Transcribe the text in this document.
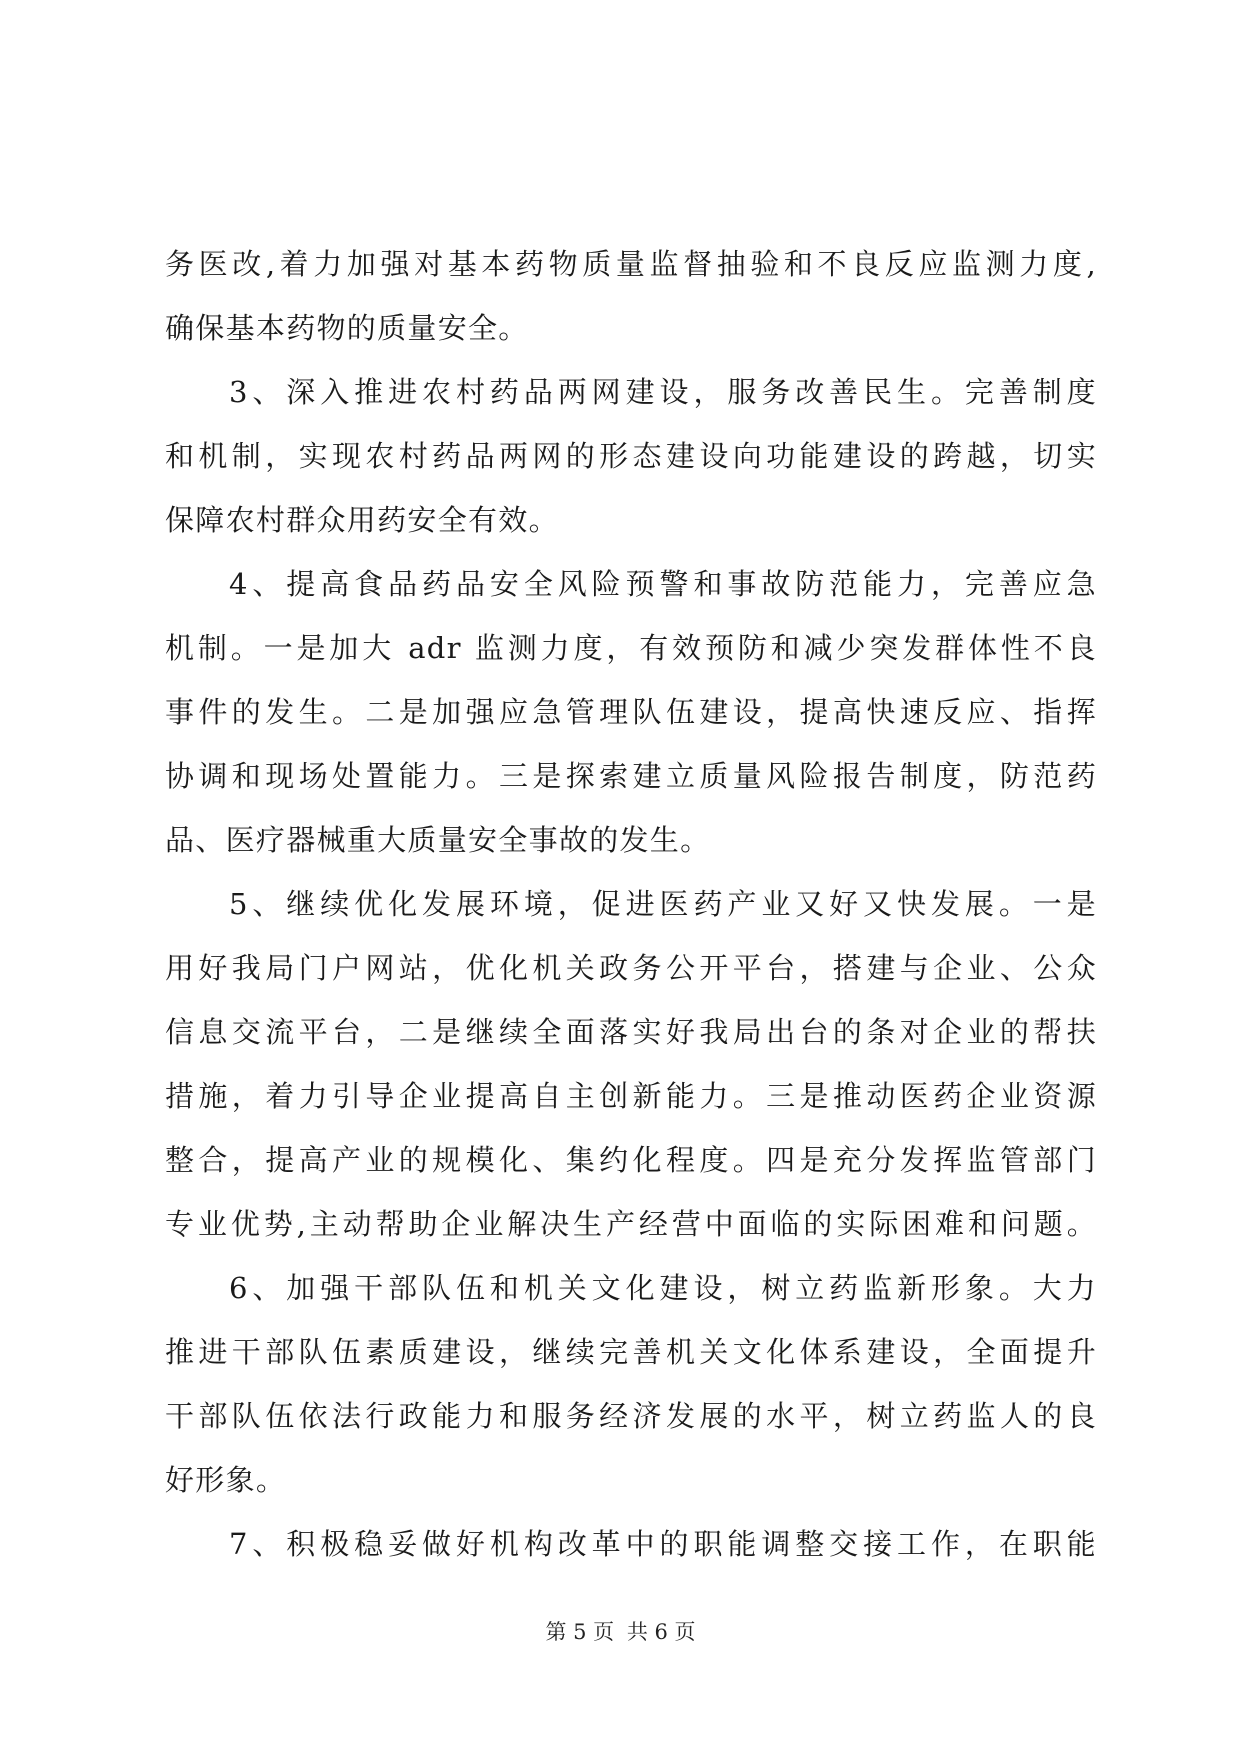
务医改,着力加强对基本药物质量监督抽验和不良反应监测力度,
确保基本药物的质量安全。
3、深入推进农村药品两网建设，服务改善民生。完善制度
和机制，实现农村药品两网的形态建设向功能建设的跨越，切实
保障农村群众用药安全有效。
4、提高食品药品安全风险预警和事故防范能力，完善应急
机制。一是加大 adr 监测力度，有效预防和减少突发群体性不良
事件的发生。二是加强应急管理队伍建设，提高快速反应、指挥
协调和现场处置能力。三是探索建立质量风险报告制度，防范药
品、医疗器械重大质量安全事故的发生。
5、继续优化发展环境，促进医药产业又好又快发展。一是
用好我局门户网站，优化机关政务公开平台，搭建与企业、公众
信息交流平台，二是继续全面落实好我局出台的条对企业的帮扶
措施，着力引导企业提高自主创新能力。三是推动医药企业资源
整合，提高产业的规模化、集约化程度。四是充分发挥监管部门
专业优势,主动帮助企业解决生产经营中面临的实际困难和问题。
6、加强干部队伍和机关文化建设，树立药监新形象。大力
推进干部队伍素质建设，继续完善机关文化体系建设，全面提升
干部队伍依法行政能力和服务经济发展的水平，树立药监人的良
好形象。
7、积极稳妥做好机构改革中的职能调整交接工作，在职能
第 5 页 共 6 页
